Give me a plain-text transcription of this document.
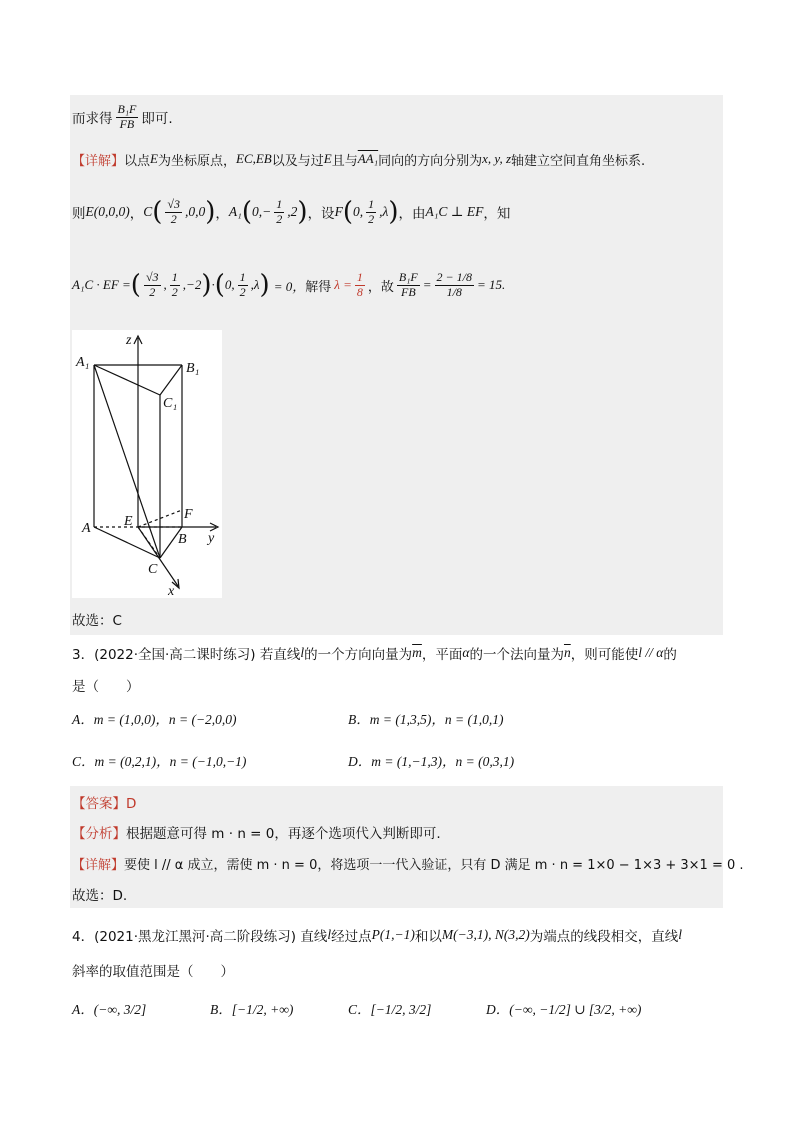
而求得 $\frac{\text{B₁F}}{FB}$ 即可.
【详解】 以点 E 为坐标原点， EC,EB 以及与过 E 且与 AA₁ 同向的方向分别为 x, y, z 轴建立空间直角坐标系.
则 E(0,0,0) ， C ( $\frac{√3}{2} ,0,0$ ) ， A₁ ( $0,- \frac{1}{2} ,2$ ) ，设 F ( 0, $\frac{1}{2} ,\lambda$ ) ，由 A₁C ⊥ EF ，知
A₁C · EF = ( $\frac{√3}{2}$ , $\frac{1}{2} ,-2$ ) · ( 0, $\frac{1}{2} ,\lambda$ ) = 0， 解得 $\lambda = \frac{1}{8}$ ，故 $\frac{\text{B₁F}}{FB} = \frac{2 - 1/8}{1/8} = 15$.
A₁	B₁
C₁
A
B
C
E	F
x
y
z
故选：C
3．(2022·全国·高二课时练习) 若直线 l 的一个方向向量为 $\overline{m}$ ，平面 α 的一个法向量为 $\overline{n}$ ，则可能使 l // α 的
是（　　）
A．m = (1,0,0)，n = (−2,0,0)	B．m = (1,3,5)，n = (1,0,1)
C．m = (0,2,1)，n = (−1,0,−1)	D．m = (1,−1,3)，n = (0,3,1)
【答案】D
【分析】 根据题意可得 m · n = 0，再逐个选项代入判断即可.
【详解】 要使 l // α 成立，需使 m · n = 0，将选项一一代入验证，只有 D 满足 m · n = 1×0 − 1×3 + 3×1 = 0 .
故选：D.
4．(2021·黑龙江黑河·高二阶段练习) 直线 l 经过点 P(1,−1) 和以 M(−3,1), N(3,2) 为端点的线段相交，直线 l
斜率的取值范围是（　　）
A．(−∞, 3/2]	B．[−1/2, +∞)	C．[−1/2, 3/2]	D．(−∞, −1/2] ∪ [3/2, +∞)
